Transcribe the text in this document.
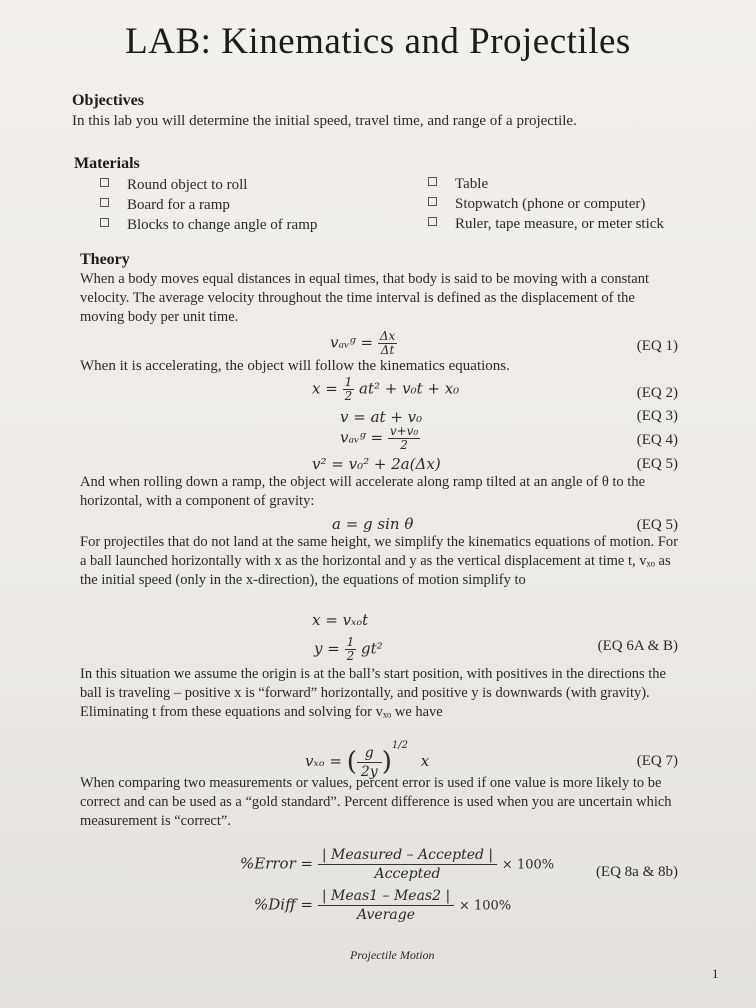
LAB: Kinematics and Projectiles
Objectives
In this lab you will determine the initial speed, travel time, and range of a projectile.
Materials
Round object to roll
Board for a ramp
Blocks to change angle of ramp
Table
Stopwatch (phone or computer)
Ruler, tape measure, or meter stick
Theory
When a body moves equal distances in equal times, that body is said to be moving with a constant velocity. The average velocity throughout the time interval is defined as the displacement of the moving body per unit time.
vₐᵥᵍ = $\frac{\Delta x}{\Delta t}$	(EQ 1)
When it is accelerating, the object will follow the kinematics equations.
$x = \frac{1}{2} at^2 + v_0t + x_0$	(EQ 2)
v = at + v₀	(EQ 3)
vₐᵥᵍ = $\frac{\text{v+v₀}}{2}$	(EQ 4)
v² = v₀² + 2a(Δx)	(EQ 5)
And when rolling down a ramp, the object will accelerate along ramp tilted at an angle of θ to the horizontal, with a component of gravity:
a = g sin θ	(EQ 5)
For projectiles that do not land at the same height, we simplify the kinematics equations of motion. For a ball launched horizontally with x as the horizontal and y as the vertical displacement at time t, vₓₒ as the initial speed (only in the x-direction), the equations of motion simplify to
x = vₓₒt
$y = \frac{1}{2} gt^2$	(EQ 6A & B)
In this situation we assume the origin is at the ball’s start position, with positives in the directions the ball is traveling – positive x is “forward” horizontally, and positive y is downwards (with gravity). Eliminating t from these equations and solving for vₓₒ we have
vₓₒ = ( $\frac{g}{2y} )^{1/2}$ x	(EQ 7)
When comparing two measurements or values, percent error is used if one value is more likely to be correct and can be used as a “gold standard”. Percent difference is used when you are uncertain which measurement is “correct”.
%Error = $\frac{\text{| Measured – Accepted |}}{\text{Accepted}} \times 100\%$	(EQ 8a & 8b)
%Diff = $\frac{\text{| Meas1 – Meas2 |}}{\text{Average}} \times 100\%$
Projectile Motion
1
